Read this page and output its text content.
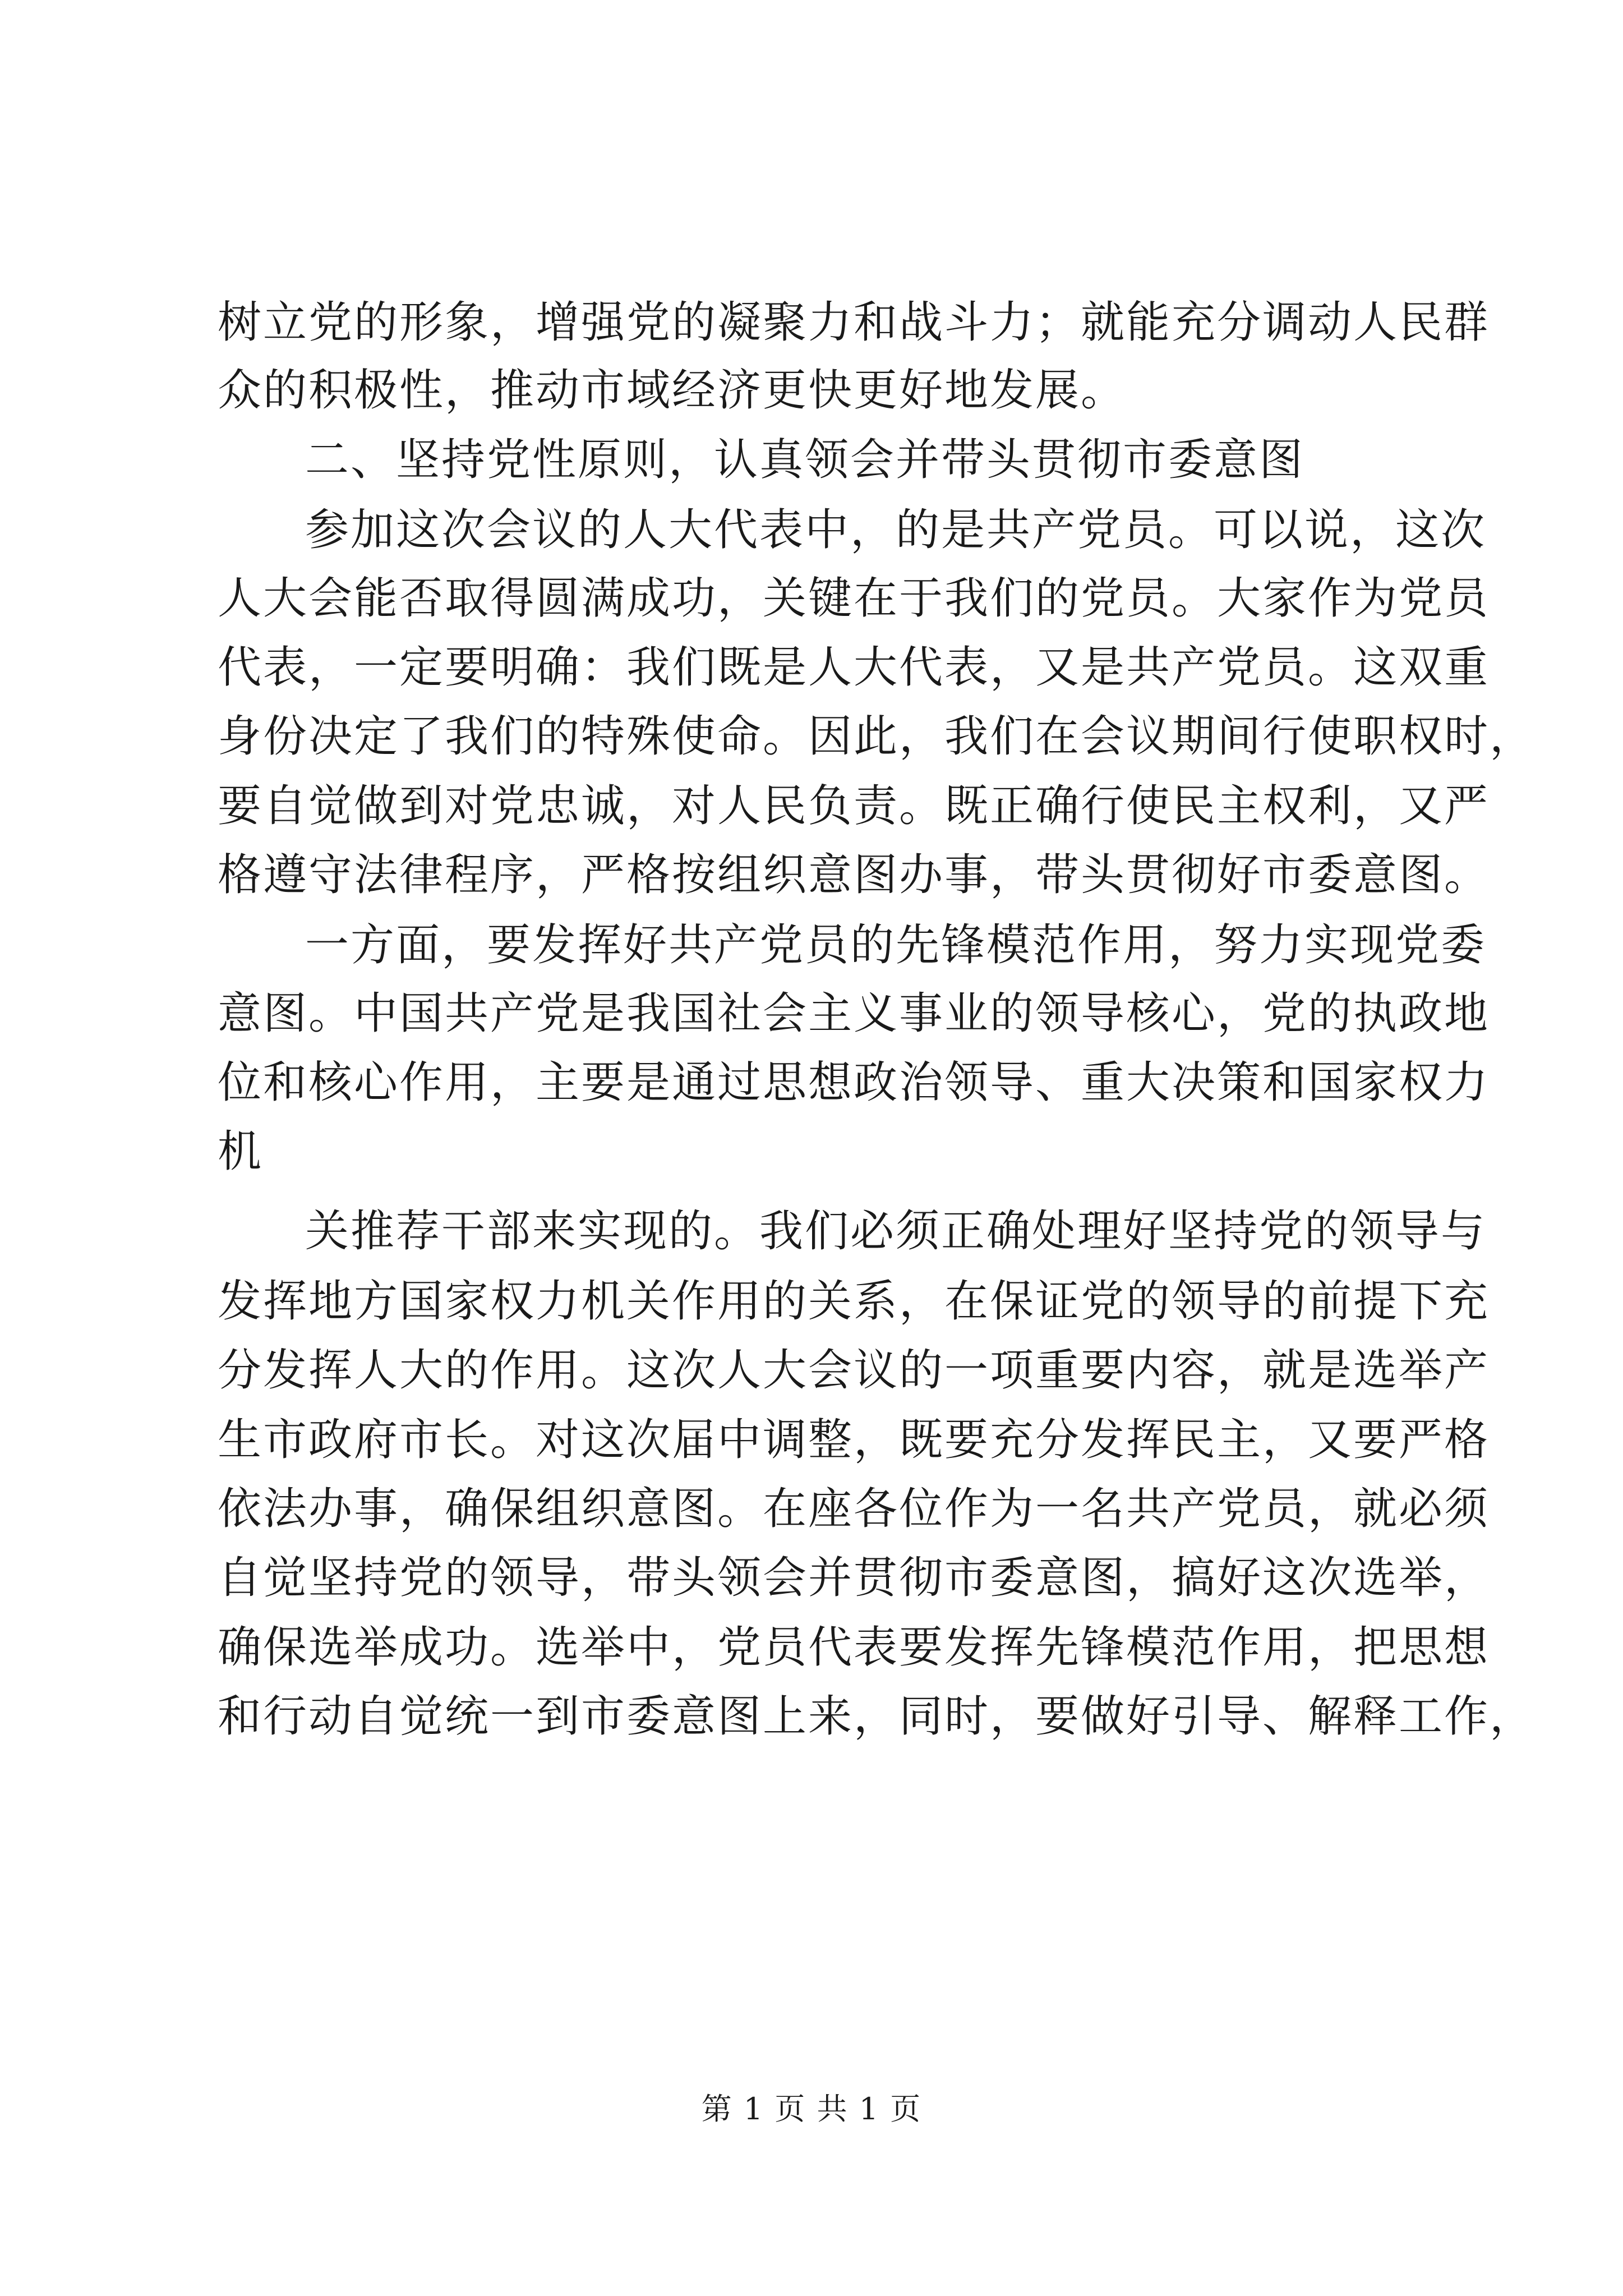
树立党的形象，增强党的凝聚力和战斗力；就能充分调动人民群
众的积极性，推动市域经济更快更好地发展。
二、坚持党性原则，认真领会并带头贯彻市委意图
参加这次会议的人大代表中，的是共产党员。可以说，这次
人大会能否取得圆满成功，关键在于我们的党员。大家作为党员
代表，一定要明确：我们既是人大代表，又是共产党员。这双重
身份决定了我们的特殊使命。因此，我们在会议期间行使职权时，
要自觉做到对党忠诚，对人民负责。既正确行使民主权利，又严
格遵守法律程序，严格按组织意图办事，带头贯彻好市委意图。
一方面，要发挥好共产党员的先锋模范作用，努力实现党委
意图。中国共产党是我国社会主义事业的领导核心，党的执政地
位和核心作用，主要是通过思想政治领导、重大决策和国家权力
机
关推荐干部来实现的。我们必须正确处理好坚持党的领导与
发挥地方国家权力机关作用的关系，在保证党的领导的前提下充
分发挥人大的作用。这次人大会议的一项重要内容，就是选举产
生市政府市长。对这次届中调整，既要充分发挥民主，又要严格
依法办事，确保组织意图。在座各位作为一名共产党员，就必须
自觉坚持党的领导，带头领会并贯彻市委意图，搞好这次选举，
确保选举成功。选举中，党员代表要发挥先锋模范作用，把思想
和行动自觉统一到市委意图上来，同时，要做好引导、解释工作，
第 1 页 共 1 页
